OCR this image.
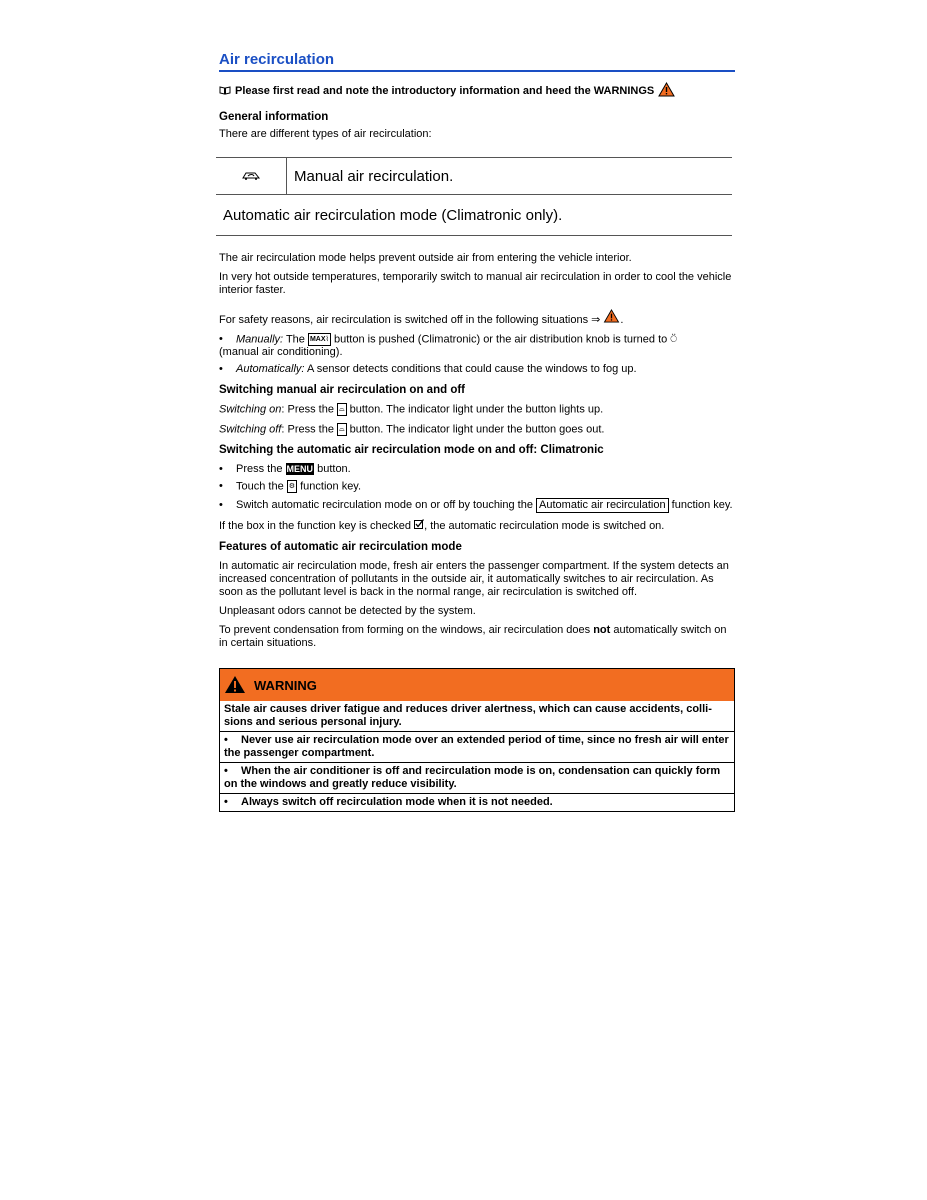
Air recirculation
Please first read and note the introductory information and heed the WARNINGS
General information

There are different types of air recirculation:

	Manual air recirculation.
Automatic air recirculation mode (Climatronic only).

The air recirculation mode helps prevent outside air from entering the vehicle interior.

In very hot outside temperatures, temporarily switch to manual air recirculation in order to cool the vehicle interior faster.

For safety reasons, air recirculation is switched off in the following situations ⇒ .

•	Manually: The MAX⌇ button is pushed (Climatronic) or the air distribution knob is turned to ⍥

(manual air conditioning).

•	Automatically: A sensor detects conditions that could cause the windows to fog up.
Switching manual air recirculation on and off

Switching on: Press the ⌓ button. The indicator light under the button lights up.

Switching off: Press the ⌓ button. The indicator light under the button goes out.

Switching the automatic air recirculation mode on and off: Climatronic
•	Press the MENU button.
•	Touch the ⚙ function key.
• Switch automatic recirculation mode on or off by touching the Automatic air recirculation function key.

If the box in the function key is checked , the automatic recirculation mode is switched on.

Features of automatic air recirculation mode

In automatic air recirculation mode, fresh air enters the passenger compartment. If the system detects an increased concentration of pollutants in the outside air, it automatically switches to air recirculation. As soon as the pollutant level is back in the normal range, air recirculation is switched off.

Unpleasant odors cannot be detected by the system.

To prevent condensation from forming on the windows, air recirculation does not automatically switch on in certain situations.

WARNING
Stale air causes driver fatigue and reduces driver alertness, which can cause accidents, colli-sions and serious personal injury.
• Never use air recirculation mode over an extended period of time, since no fresh air will enter the passenger compartment.
• When the air conditioner is off and recirculation mode is on, condensation can quickly form on the windows and greatly reduce visibility.
• Always switch off recirculation mode when it is not needed.
